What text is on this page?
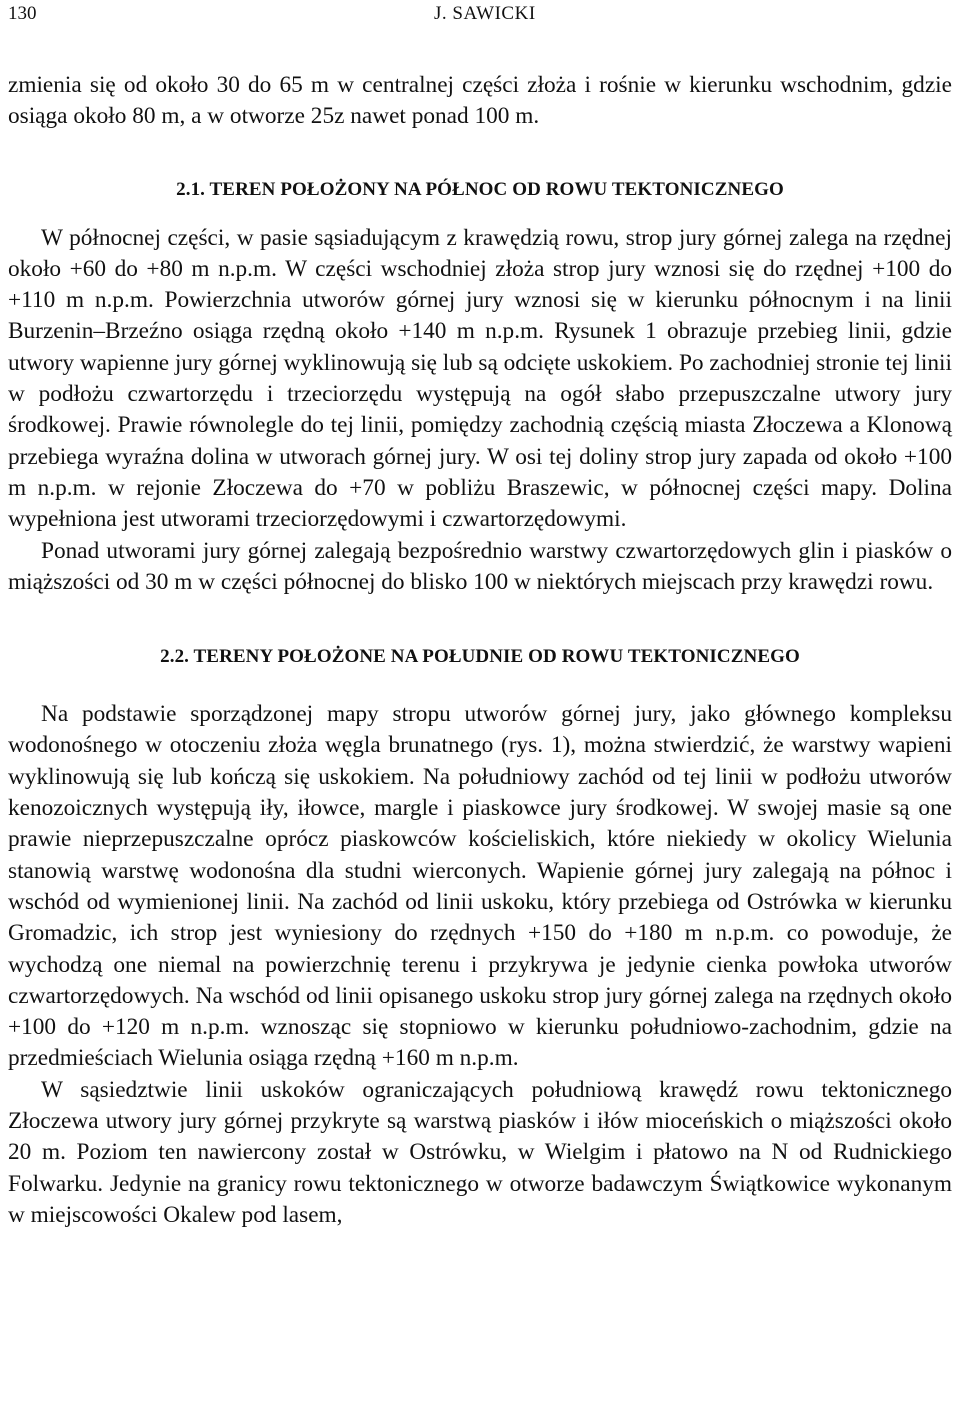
130	J. SAWICKI

zmienia się od około 30 do 65 m w centralnej części złoża i rośnie w kierunku wschodnim, gdzie osiąga około 80 m, a w otworze 25z nawet ponad 100 m.

2.1. TEREN POŁOŻONY NA PÓŁNOC OD ROWU TEKTONICZNEGO

W północnej części, w pasie sąsiadującym z krawędzią rowu, strop jury górnej zalega na rzędnej około +60 do +80 m n.p.m. W części wschodniej złoża strop jury wznosi się do rzędnej +100 do +110 m n.p.m. Powierzchnia utworów górnej jury wznosi się w kierunku północnym i na linii Burzenin–Brzeźno osiąga rzędną około +140 m n.p.m. Rysunek 1 obrazuje przebieg linii, gdzie utwory wapienne jury górnej wyklinowują się lub są odcięte uskokiem. Po zachodniej stronie tej linii w podłożu czwartorzędu i trzeciorzędu występują na ogół słabo przepuszczalne utwory jury środkowej. Prawie równolegle do tej linii, pomiędzy zachodnią częścią miasta Złoczewa a Klonową przebiega wyraźna dolina w utworach górnej jury. W osi tej doliny strop jury zapada od około +100 m n.p.m. w rejonie Złoczewa do +70 w pobliżu Braszewic, w północnej części mapy. Dolina wypełniona jest utworami trzeciorzędowymi i czwartorzędowymi.

Ponad utworami jury górnej zalegają bezpośrednio warstwy czwartorzędowych glin i piasków o miąższości od 30 m w części północnej do blisko 100 w niektórych miejscach przy krawędzi rowu.

2.2. TERENY POŁOŻONE NA POŁUDNIE OD ROWU TEKTONICZNEGO

Na podstawie sporządzonej mapy stropu utworów górnej jury, jako głównego kompleksu wodonośnego w otoczeniu złoża węgla brunatnego (rys. 1), można stwierdzić, że warstwy wapieni wyklinowują się lub kończą się uskokiem. Na południowy zachód od tej linii w podłożu utworów kenozoicznych występują iły, iłowce, margle i piaskowce jury środkowej. W swojej masie są one prawie nieprzepuszczalne oprócz piaskowców kościeliskich, które niekiedy w okolicy Wielunia stanowią warstwę wodonośna dla studni wierconych. Wapienie górnej jury zalegają na północ i wschód od wymienionej linii. Na zachód od linii uskoku, który przebiega od Ostrówka w kierunku Gromadzic, ich strop jest wyniesiony do rzędnych +150 do +180 m n.p.m. co powoduje, że wychodzą one niemal na powierzchnię terenu i przykrywa je jedynie cienka powłoka utworów czwartorzędowych. Na wschód od linii opisanego uskoku strop jury górnej zalega na rzędnych około +100 do +120 m n.p.m. wznosząc się stopniowo w kierunku południowo-zachodnim, gdzie na przedmieściach Wielunia osiąga rzędną +160 m n.p.m.

W sąsiedztwie linii uskoków ograniczających południową krawędź rowu tektonicznego Złoczewa utwory jury górnej przykryte są warstwą piasków i iłów mioceńskich o miąższości około 20 m. Poziom ten nawiercony został w Ostrówku, w Wielgim i płatowo na N od Rudnickiego Folwarku. Jedynie na granicy rowu tektonicznego w otworze badawczym Świątkowice wykonanym w miejscowości Okalew pod lasem,
